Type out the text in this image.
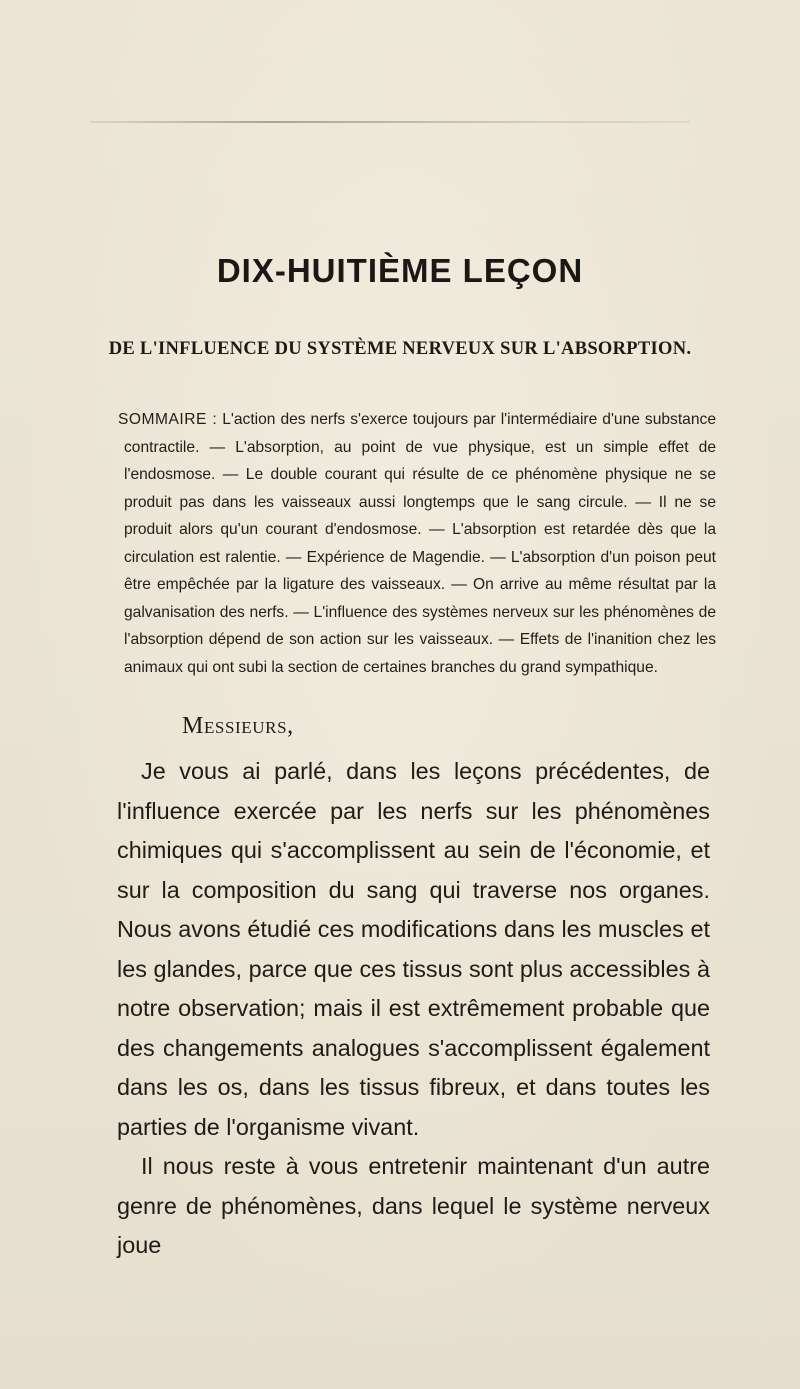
DIX-HUITIÈME LEÇON
DE L'INFLUENCE DU SYSTÈME NERVEUX SUR L'ABSORPTION.

SOMMAIRE : L'action des nerfs s'exerce toujours par l'intermédiaire d'une substance contractile. — L'absorption, au point de vue physique, est un simple effet de l'endosmose. — Le double courant qui résulte de ce phénomène physique ne se produit pas dans les vaisseaux aussi longtemps que le sang circule. — Il ne se produit alors qu'un courant d'endosmose. — L'absorption est retardée dès que la circulation est ralentie. — Expérience de Magendie. — L'absorption d'un poison peut être empêchée par la ligature des vaisseaux. — On arrive au même résultat par la galvanisation des nerfs. — L'influence des systèmes nerveux sur les phénomènes de l'absorption dépend de son action sur les vaisseaux. — Effets de l'inanition chez les animaux qui ont subi la section de certaines branches du grand sympathique.

Messieurs,

Je vous ai parlé, dans les leçons précédentes, de l'influence exercée par les nerfs sur les phénomènes chimiques qui s'accomplissent au sein de l'économie, et sur la composition du sang qui traverse nos organes. Nous avons étudié ces modifications dans les muscles et les glandes, parce que ces tissus sont plus accessibles à notre observation; mais il est extrêmement probable que des changements analogues s'accomplissent également dans les os, dans les tissus fibreux, et dans toutes les parties de l'organisme vivant.

Il nous reste à vous entretenir maintenant d'un autre genre de phénomènes, dans lequel le système nerveux joue
